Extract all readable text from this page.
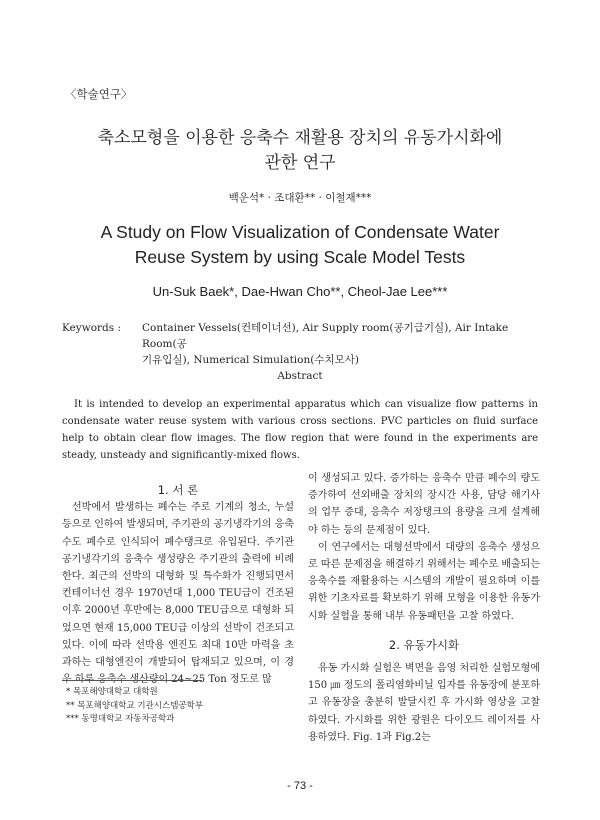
〈학술연구〉
축소모형을 이용한 응축수 재활용 장치의 유동가시화에
관한 연구
백운석* · 조대환** · 이철재***
A Study on Flow Visualization of Condensate Water
Reuse System by using Scale Model Tests
Un-Suk Baek*, Dae-Hwan Cho**, Cheol-Jae Lee***
Keywords :	Container Vessels(컨테이너선), Air Supply room(공기급기실), Air Intake Room(공
기유입실), Numerical Simulation(수치모사)
Abstract
It is intended to develop an experimental apparatus which can visualize flow patterns in condensate water reuse system with various cross sections. PVC particles on fluid surface help to obtain clear flow images. The flow region that were found in the experiments are steady, unsteady and significantly-mixed flows.

1. 서 론

선박에서 발생하는 폐수는 주로 기계의 청소, 누설 등으로 인하여 발생되며, 주기관의 공기냉각기의 응축수도 폐수로 인식되어 폐수탱크로 유입된다. 주기관 공기냉각기의 응축수 생성량은 주기관의 출력에 비례한다. 최근의 선박의 대형화 및 특수화가 진행되면서 컨테이너선 경우 1970년대 1,000 TEU급이 건조된 이후 2000년 후반에는 8,000 TEU급으로 대형화 되었으면 현재 15,000 TEU급 이상의 선박이 건조되고 있다. 이에 따라 선박용 엔진도 최대 10만 마력을 초과하는 대형엔진이 개발되어 탑재되고 있으며, 이 경우 하루 응축수 생산량이 24~25 Ton 정도로 많

이 생성되고 있다. 증가하는 응축수 만큼 폐수의 량도 증가하여 선외배출 장치의 장시간 사용, 담당 해기사의 업무 증대, 응축수 저장탱크의 용량을 크게 설계해야 하는 등의 문제점이 있다.

이 연구에서는 대형선박에서 대량의 응축수 생성으로 따른 문제점을 해결하기 위해서는 폐수로 배출되는 응축수를 재활용하는 시스템의 개발이 필요하며 이를 위한 기초자료를 확보하기 위해 모형을 이용한 유동가시화 실험을 통해 내부 유동패턴을 고찰 하였다.

2. 유동가시화

유동 가시화 실험은 벽면을 음영 처리한 실험모형에 150 ㎛ 정도의 폴리염화비닐 입자를 유동장에 분포하고 유동장을 충분히 발달시킨 후 가시화 영상을 고찰하였다. 가시화를 위한 광원은 다이오드 레이저를 사용하였다. Fig. 1과 Fig.2는

* 목포해양대학교 대학원
** 목포해양대학교 기관시스템공학부
*** 동명대학교 자동차공학과
- 73 -
